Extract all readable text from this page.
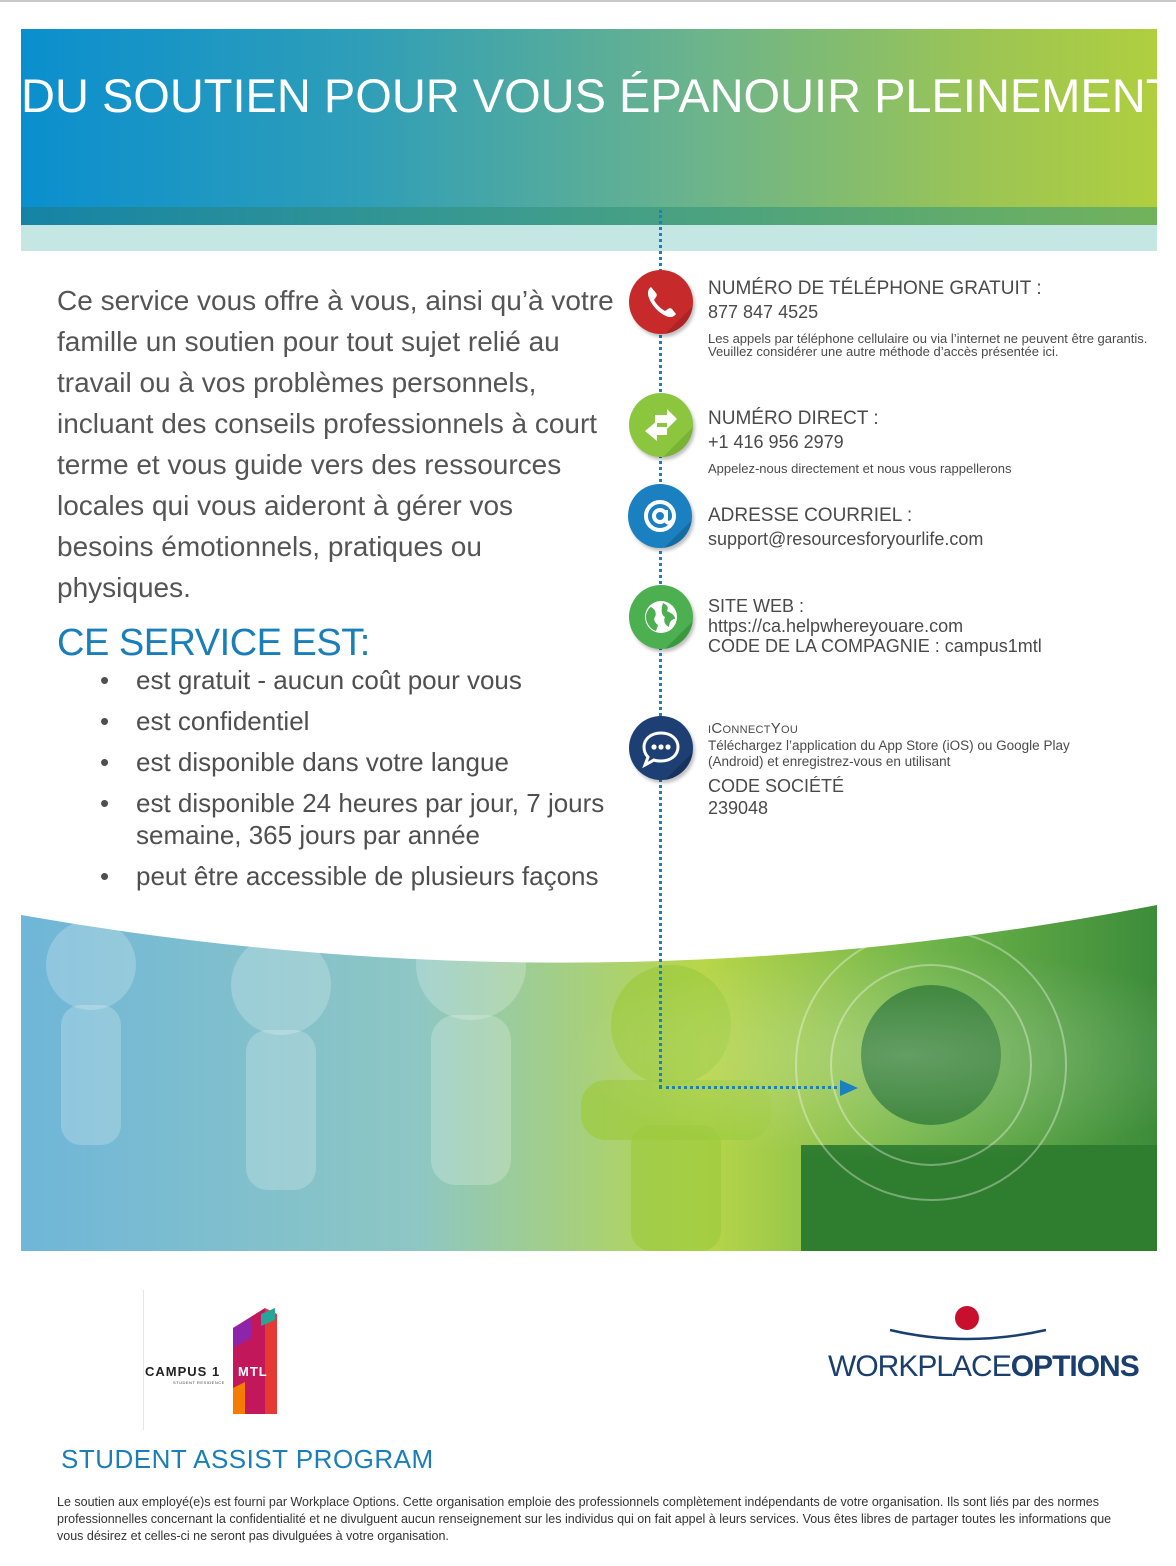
DU SOUTIEN POUR VOUS ÉPANOUIR PLEINEMENT

Ce service vous offre à vous, ainsi qu’à votre famille un soutien pour tout sujet relié au travail ou à vos problèmes personnels, incluant des conseils professionnels à court terme et vous guide vers des ressources locales qui vous aideront à gérer vos besoins émotionnels, pratiques ou physiques.

CE SERVICE EST:
• est gratuit - aucun coût pour vous
• est confidentiel
• est disponible dans votre langue
• est disponible 24 heures par jour, 7 jours semaine, 365 jours par année
• peut être accessible de plusieurs façons
NUMÉRO DE TÉLÉPHONE GRATUIT :
877 847 4525
Les appels par téléphone cellulaire ou via l’internet ne peuvent être garantis. Veuillez considérer une autre méthode d’accès présentée ici.
NUMÉRO DIRECT :
+1 416 956 2979
Appelez-nous directement et nous vous rappellerons
ADRESSE COURRIEL :
support@resourcesforyourlife.com
SITE WEB :
https://ca.helpwhereyouare.com
CODE DE LA COMPAGNIE : campus1mtl
iConnectYou
Téléchargez l’application du App Store (iOS) ou Google Play (Android) et enregistrez-vous en utilisant
CODE SOCIÉTÉ
239048
CAMPUS 1
STUDENT RESIDENCE
MTL	WORKPLACEOPTIONS
STUDENT ASSIST PROGRAM
Le soutien aux employé(e)s est fourni par Workplace Options. Cette organisation emploie des professionnels complètement indépendants de votre organisation. Ils sont liés par des normes professionnelles concernant la confidentialité et ne divulguent aucun renseignement sur les individus qui on fait appel à leurs services. Vous êtes libres de partager toutes les informations que vous désirez et celles-ci ne seront pas divulguées à votre organisation.
